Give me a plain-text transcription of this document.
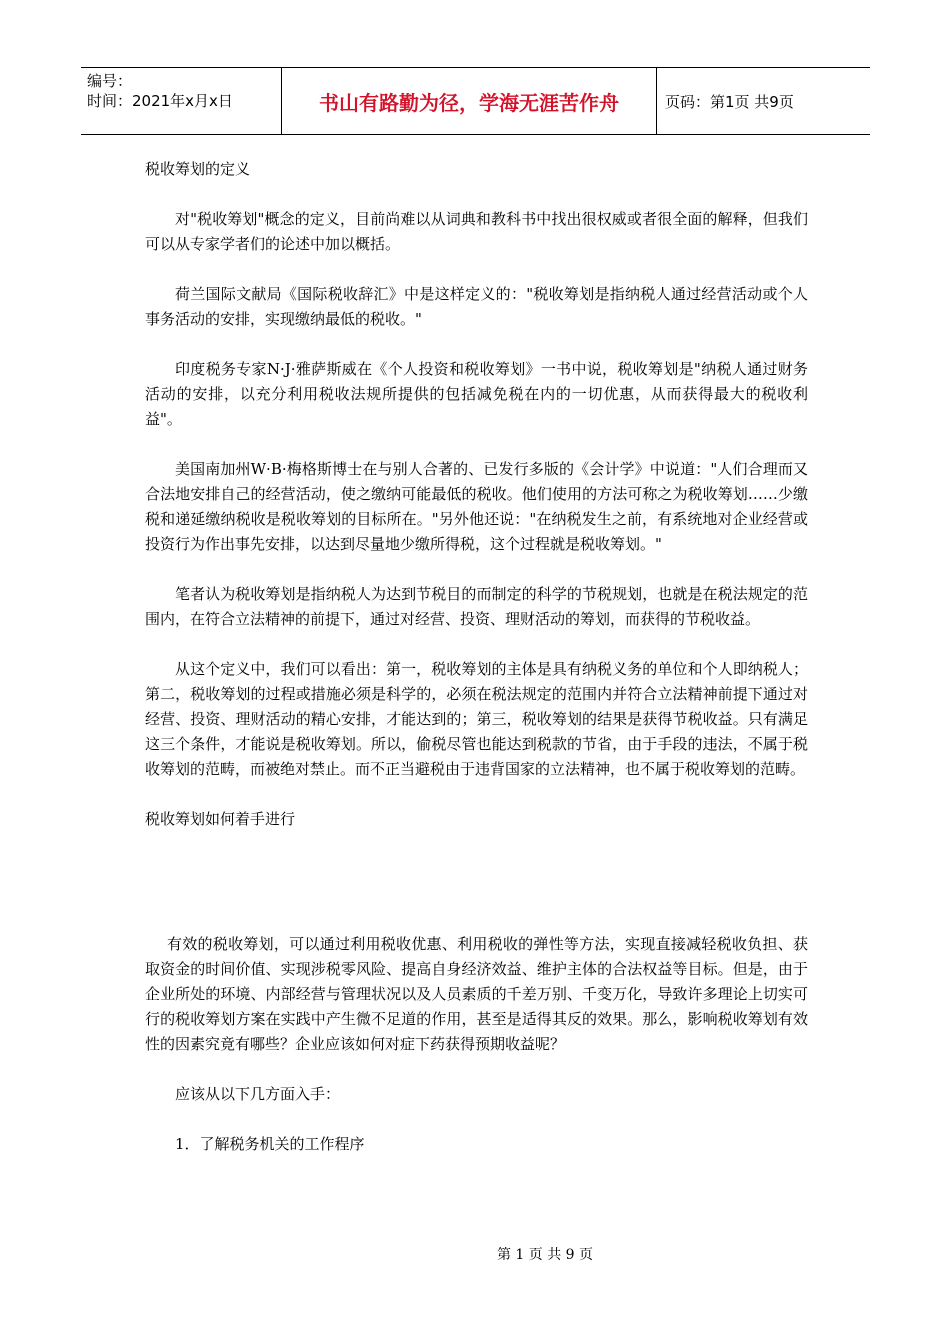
编号：
时间：2021年x月x日	书山有路勤为径，学海无涯苦作舟	页码：第1页 共9页

税收筹划的定义

对"税收筹划"概念的定义，目前尚难以从词典和教科书中找出很权威或者很全面的解释，但我们可以从专家学者们的论述中加以概括。

荷兰国际文献局《国际税收辞汇》中是这样定义的："税收筹划是指纳税人通过经营活动或个人事务活动的安排，实现缴纳最低的税收。"

印度税务专家N·J·雅萨斯威在《个人投资和税收筹划》一书中说，税收筹划是"纳税人通过财务活动的安排，以充分利用税收法规所提供的包括减免税在内的一切优惠，从而获得最大的税收利益"。

美国南加州W·B·梅格斯博士在与别人合著的、已发行多版的《会计学》中说道："人们合理而又合法地安排自己的经营活动，使之缴纳可能最低的税收。他们使用的方法可称之为税收筹划……少缴税和递延缴纳税收是税收筹划的目标所在。"另外他还说："在纳税发生之前，有系统地对企业经营或投资行为作出事先安排，以达到尽量地少缴所得税，这个过程就是税收筹划。"

笔者认为税收筹划是指纳税人为达到节税目的而制定的科学的节税规划，也就是在税法规定的范围内，在符合立法精神的前提下，通过对经营、投资、理财活动的筹划，而获得的节税收益。

从这个定义中，我们可以看出：第一，税收筹划的主体是具有纳税义务的单位和个人即纳税人；第二，税收筹划的过程或措施必须是科学的，必须在税法规定的范围内并符合立法精神前提下通过对经营、投资、理财活动的精心安排，才能达到的；第三，税收筹划的结果是获得节税收益。只有满足这三个条件，才能说是税收筹划。所以，偷税尽管也能达到税款的节省，由于手段的违法，不属于税收筹划的范畴，而被绝对禁止。而不正当避税由于违背国家的立法精神，也不属于税收筹划的范畴。

税收筹划如何着手进行

有效的税收筹划，可以通过利用税收优惠、利用税收的弹性等方法，实现直接减轻税收负担、获取资金的时间价值、实现涉税零风险、提高自身经济效益、维护主体的合法权益等目标。但是，由于企业所处的环境、内部经营与管理状况以及人员素质的千差万别、千变万化，导致许多理论上切实可行的税收筹划方案在实践中产生微不足道的作用，甚至是适得其反的效果。那么，影响税收筹划有效性的因素究竟有哪些？企业应该如何对症下药获得预期收益呢？

应该从以下几方面入手：

1．了解税务机关的工作程序

第 1 页 共 9 页
